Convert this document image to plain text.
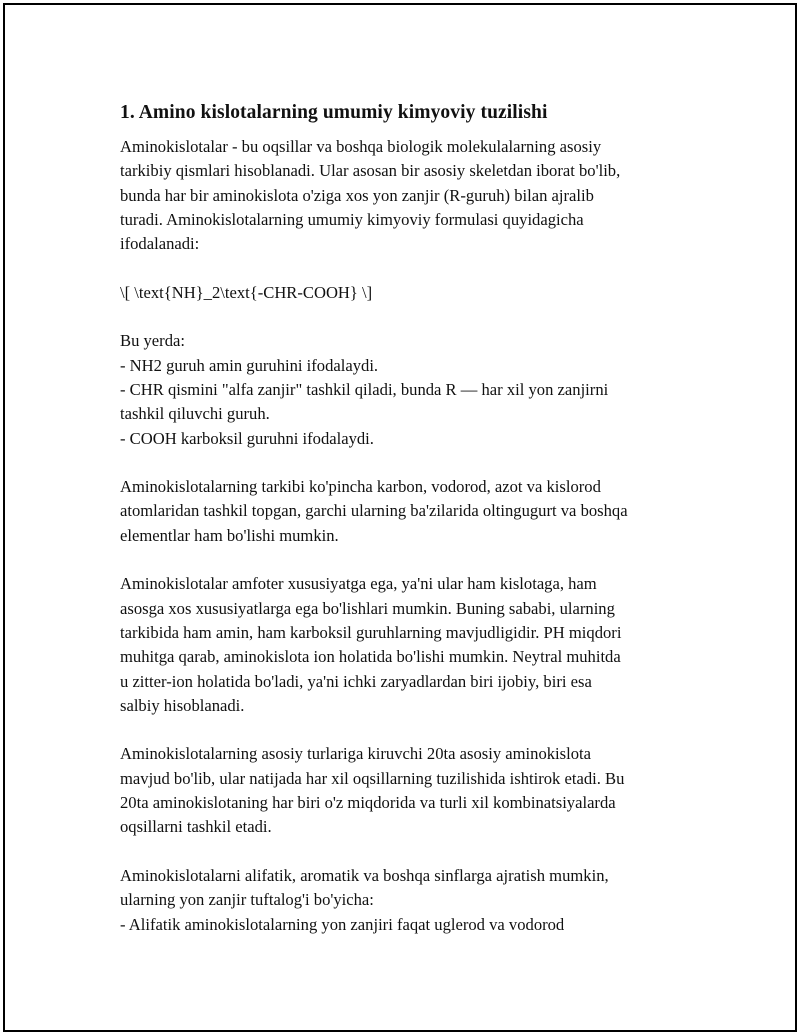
1. Amino kislotalarning umumiy kimyoviy tuzilishi

Aminokislotalar - bu oqsillar va boshqa biologik molekulalarning asosiy
tarkibiy qismlari hisoblanadi. Ular asosan bir asosiy skeletdan iborat bo'lib,
bunda har bir aminokislota o'ziga xos yon zanjir (R-guruh) bilan ajralib
turadi. Aminokislotalarning umumiy kimyoviy formulasi quyidagicha
ifodalanadi:

\[ \text{NH}_2\text{-CHR-COOH} \]

Bu yerda:
- NH2 guruh amin guruhini ifodalaydi.
- CHR qismini "alfa zanjir" tashkil qiladi, bunda R — har xil yon zanjirni
tashkil qiluvchi guruh.
- COOH karboksil guruhni ifodalaydi.

Aminokislotalarning tarkibi ko'pincha karbon, vodorod, azot va kislorod
atomlaridan tashkil topgan, garchi ularning ba'zilarida oltingugurt va boshqa
elementlar ham bo'lishi mumkin.

Aminokislotalar amfoter xususiyatga ega, ya'ni ular ham kislotaga, ham
asosga xos xususiyatlarga ega bo'lishlari mumkin. Buning sababi, ularning
tarkibida ham amin, ham karboksil guruhlarning mavjudligidir. PH miqdori
muhitga qarab, aminokislota ion holatida bo'lishi mumkin. Neytral muhitda
u zitter-ion holatida bo'ladi, ya'ni ichki zaryadlardan biri ijobiy, biri esa
salbiy hisoblanadi.

Aminokislotalarning asosiy turlariga kiruvchi 20ta asosiy aminokislota
mavjud bo'lib, ular natijada har xil oqsillarning tuzilishida ishtirok etadi. Bu
20ta aminokislotaning har biri o'z miqdorida va turli xil kombinatsiyalarda
oqsillarni tashkil etadi.

Aminokislotalarni alifatik, aromatik va boshqa sinflarga ajratish mumkin,
ularning yon zanjir tuftalog'i bo'yicha:
- Alifatik aminokislotalarning yon zanjiri faqat uglerod va vodorod
